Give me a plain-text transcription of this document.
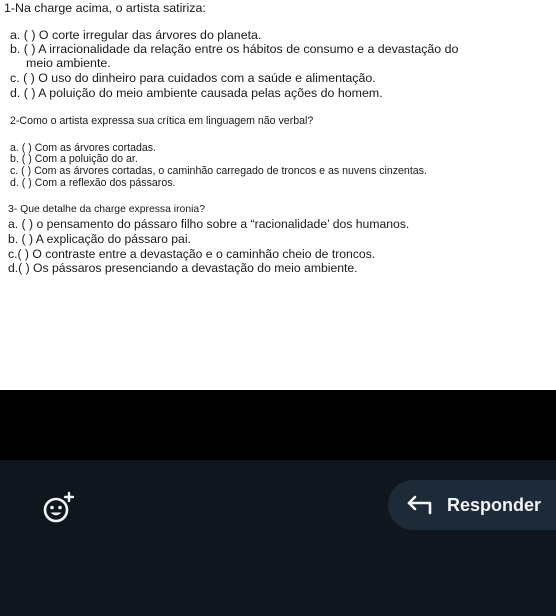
1-Na charge acima, o artista satiriza:
a. ( ) O corte irregular das árvores do planeta.
b. ( ) A irracionalidade da relação entre os hábitos de consumo e a devastação do
meio ambiente.
c. ( ) O uso do dinheiro para cuidados com a saúde e alimentação.
d. ( ) A poluição do meio ambiente causada pelas ações do homem.
2-Como o artista expressa sua crítica em linguagem não verbal?
a. ( ) Com as árvores cortadas.
b. ( ) Com a poluição do ar.
c. ( ) Com as árvores cortadas, o caminhão carregado de troncos e as nuvens cinzentas.
d. ( ) Com a reflexão dos pássaros.
3- Que detalhe da charge expressa ironia?
a. ( ) o pensamento do pássaro filho sobre a “racionalidade’ dos humanos.
b. ( ) A explicação do pássaro pai.
c.( ) O contraste entre a devastação e o caminhão cheio de troncos.
d.( ) Os pássaros presenciando a devastação do meio ambiente.
Responder
